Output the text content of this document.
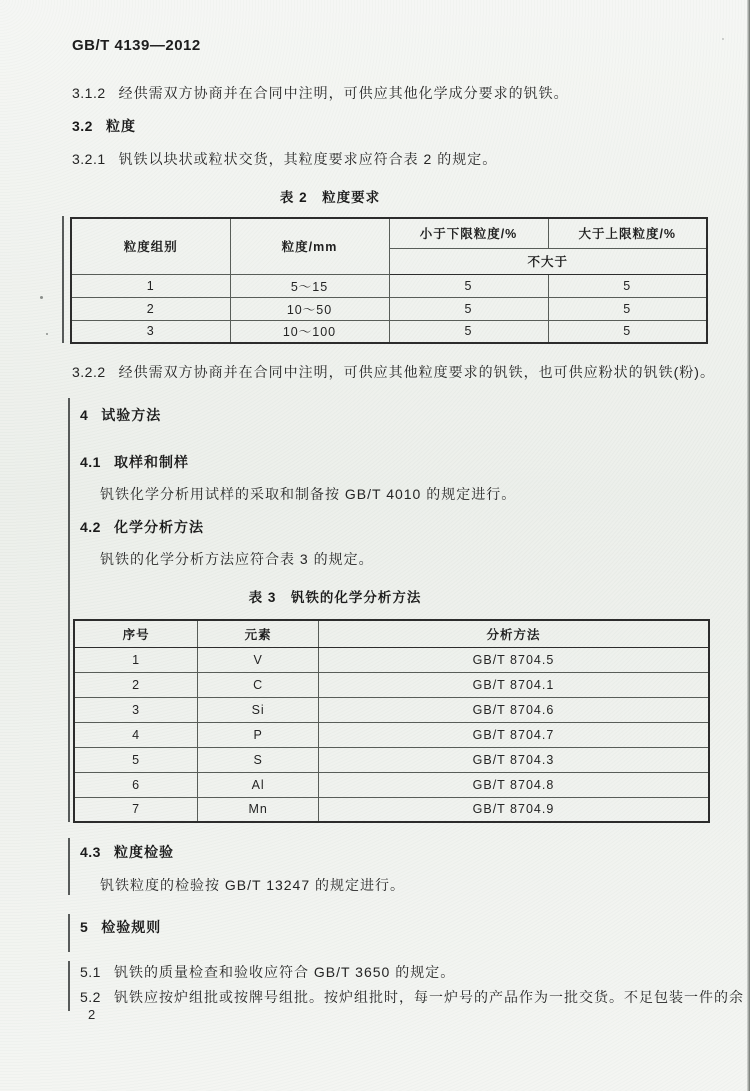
GB/T 4139—2012
3.1.2 经供需双方协商并在合同中注明，可供应其他化学成分要求的钒铁。
3.2 粒度
3.2.1 钒铁以块状或粒状交货，其粒度要求应符合表 2 的规定。
表 2　粒度要求
粒度组别	粒度/mm	小于下限粒度/%	大于上限粒度/%
		不大于	
1	5～15	5	5
2	10～50	5	5
3	10～100	5	5
3.2.2 经供需双方协商并在合同中注明，可供应其他粒度要求的钒铁，也可供应粉状的钒铁(粉)。
4 试验方法
4.1 取样和制样
钒铁化学分析用试样的采取和制备按 GB/T 4010 的规定进行。
4.2 化学分析方法
钒铁的化学分析方法应符合表 3 的规定。
表 3　钒铁的化学分析方法
序号	元素	分析方法
1	V	GB/T 8704.5
2	C	GB/T 8704.1
3	Si	GB/T 8704.6
4	P	GB/T 8704.7
5	S	GB/T 8704.3
6	Al	GB/T 8704.8
7	Mn	GB/T 8704.9
4.3 粒度检验
钒铁粒度的检验按 GB/T 13247 的规定进行。
5 检验规则
5.1 钒铁的质量检查和验收应符合 GB/T 3650 的规定。
5.2 钒铁应按炉组批或按牌号组批。按炉组批时，每一炉号的产品作为一批交货。不足包装一件的余
2
